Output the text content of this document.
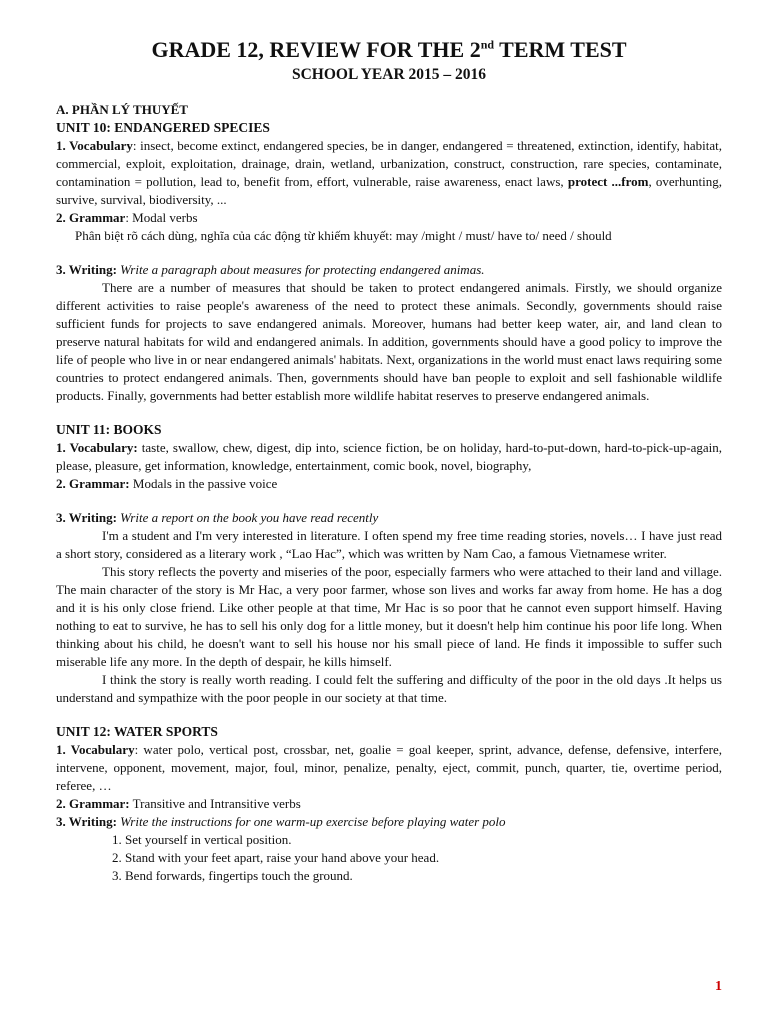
GRADE 12, REVIEW FOR THE 2nd TERM TEST
SCHOOL YEAR 2015 – 2016
A. PHẦN LÝ THUYẾT
UNIT 10: ENDANGERED SPECIES

1. Vocabulary: insect, become extinct, endangered species, be in danger, endangered = threatened, extinction, identify, habitat, commercial, exploit, exploitation, drainage, drain, wetland, urbanization, construct, construction, rare species, contaminate, contamination = pollution, lead to, benefit from, effort, vulnerable, raise awareness, enact laws, protect ...from, overhunting, survive, survival, biodiversity, ...

2. Grammar: Modal verbs

Phân biệt rõ cách dùng, nghĩa của các động từ khiếm khuyết: may /might / must/ have to/ need / should

3. Writing: Write a paragraph about measures for protecting endangered animas.

There are a number of measures that should be taken to protect endangered animals. Firstly, we should organize different activities to raise people's awareness of the need to protect these animals. Secondly, governments should raise sufficient funds for projects to save endangered animals. Moreover, humans had better keep water, air, and land clean to preserve natural habitats for wild and endangered animals. In addition, governments should have a good policy to improve the life of people who live in or near endangered animals' habitats. Next, organizations in the world must enact laws requiring some countries to protect endangered animals. Then, governments should have ban people to exploit and sell fashionable wildlife products. Finally, governments had better establish more wildlife habitat reserves to preserve endangered animals.

UNIT 11: BOOKS

1. Vocabulary: taste, swallow, chew, digest, dip into, science fiction, be on holiday, hard-to-put-down, hard-to-pick-up-again, please, pleasure, get information, knowledge, entertainment, comic book, novel, biography,

2. Grammar: Modals in the passive voice

3. Writing: Write a report on the book you have read recently

I'm a student and I'm very interested in literature. I often spend my free time reading stories, novels… I have just read a short story, considered as a literary work , “Lao Hac”, which was written by Nam Cao, a famous Vietnamese writer.

This story reflects the poverty and miseries of the poor, especially farmers who were attached to their land and village. The main character of the story is Mr Hac, a very poor farmer, whose son lives and works far away from home. He has a dog and it is his only close friend. Like other people at that time, Mr Hac is so poor that he cannot even support himself. Having nothing to eat to survive, he has to sell his only dog for a little money, but it doesn't help him continue his poor life long. When thinking about his child, he doesn't want to sell his house nor his small piece of land. He finds it impossible to suffer such miserable life any more. In the depth of despair, he kills himself.

I think the story is really worth reading. I could felt the suffering and difficulty of the poor in the old days .It helps us understand and sympathize with the poor people in our society at that time.

UNIT 12: WATER SPORTS

1. Vocabulary: water polo, vertical post, crossbar, net, goalie = goal keeper, sprint, advance, defense, defensive, interfere, intervene, opponent, movement, major, foul, minor, penalize, penalty, eject, commit, punch, quarter, tie, overtime period, referee, …

2. Grammar: Transitive and Intransitive verbs

3. Writing: Write the instructions for one warm-up exercise before playing water polo

1. Set yourself in vertical position.
2. Stand with your feet apart, raise your hand above your head.
3. Bend forwards, fingertips touch the ground.
1
